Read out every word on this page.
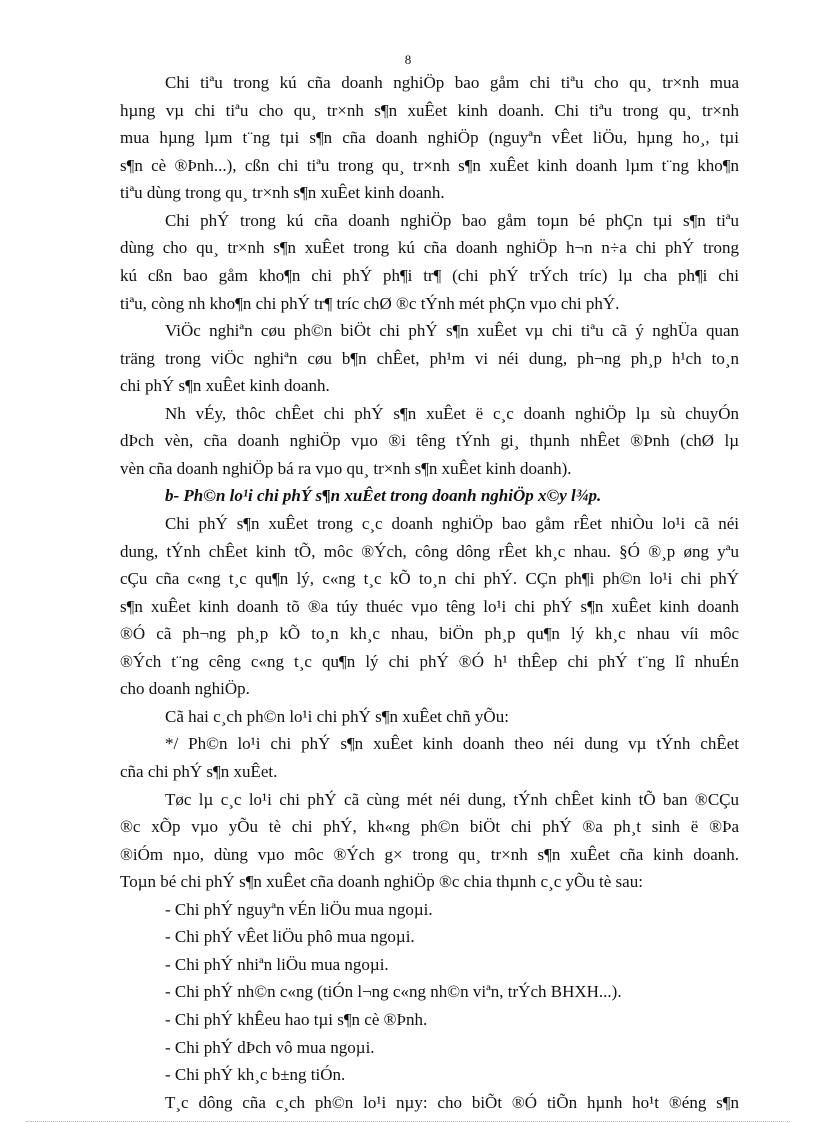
8
Chi tiªu trong kú cña doanh nghiÖp bao gåm chi tiªu cho qu¸ tr×nh mua
hµng vµ chi tiªu cho qu¸ tr×nh s¶n xuÊet kinh doanh. Chi tiªu trong qu¸ tr×nh
mua hµng lµm t¨ng tµi s¶n cña doanh nghiÖp (nguyªn vÊet liÖu, hµng ho¸, tµi
s¶n cè ®Þnh...), cßn chi tiªu trong qu¸ tr×nh s¶n xuÊet kinh doanh lµm t¨ng kho¶n
tiªu dùng trong qu¸ tr×nh s¶n xuÊet kinh doanh.
Chi phÝ trong kú cña doanh nghiÖp bao gåm toµn bé phÇn tµi s¶n tiªu
dùng cho qu¸ tr×nh s¶n xuÊet trong kú cña doanh nghiÖp h¬n n÷a chi phÝ trong
kú cßn bao gåm kho¶n chi phÝ ph¶i tr¶ (chi phÝ trÝch tríc) lµ cha ph¶i chi
tiªu, còng nh kho¶n chi phÝ tr¶ tríc chØ ®c tÝnh mét phÇn vµo chi phÝ.
ViÖc nghiªn cøu ph©n biÖt chi phÝ s¶n xuÊet vµ chi tiªu cã ý nghÜa quan
träng trong viÖc nghiªn cøu b¶n chÊet, ph¹m vi néi dung, ph¬ng ph¸p h¹ch to¸n
chi phÝ s¶n xuÊet kinh doanh.
Nh vÉy, thôc chÊet chi phÝ s¶n xuÊet ë c¸c doanh nghiÖp lµ sù chuyÓn
dÞch vèn, cña doanh nghiÖp vµo ®i têng tÝnh gi¸ thµnh nhÊet ®Þnh (chØ lµ
vèn cña doanh nghiÖp bá ra vµo qu¸ tr×nh s¶n xuÊet kinh doanh).
b- Ph©n lo¹i chi phÝ s¶n xuÊet trong doanh nghiÖp x©y l¾p.
Chi phÝ s¶n xuÊet trong c¸c doanh nghiÖp bao gåm rÊet nhiÒu lo¹i cã néi
dung, tÝnh chÊet kinh tÕ, môc ®Ých, công dông rÊet kh¸c nhau. §Ó ®¸p øng yªu
cÇu cña c«ng t¸c qu¶n lý, c«ng t¸c kÕ to¸n chi phÝ. CÇn ph¶i ph©n lo¹i chi phÝ
s¶n xuÊet kinh doanh tõ ®a túy thuéc vµo têng lo¹i chi phÝ s¶n xuÊet kinh doanh
®Ó cã ph¬ng ph¸p kÕ to¸n kh¸c nhau, biÖn ph¸p qu¶n lý kh¸c nhau víi môc
®Ých t¨ng cêng c«ng t¸c qu¶n lý chi phÝ ®Ó h¹ thÊep chi phÝ t¨ng lî nhuÉn
cho doanh nghiÖp.
Cã hai c¸ch ph©n lo¹i chi phÝ s¶n xuÊet chñ yÕu:
*/ Ph©n lo¹i chi phÝ s¶n xuÊet kinh doanh theo néi dung vµ tÝnh chÊet
cña chi phÝ s¶n xuÊet.
Tøc lµ c¸c lo¹i chi phÝ cã cùng mét néi dung, tÝnh chÊet kinh tÕ ban ®CÇu
®c xÕp vµo yÕu tè chi phÝ, kh«ng ph©n biÖt chi phÝ ®a ph¸t sinh ë ®Þa
®iÓm nµo, dùng vµo môc ®Ých g× trong qu¸ tr×nh s¶n xuÊet cña kinh doanh.
Toµn bé chi phÝ s¶n xuÊet cña doanh nghiÖp ®c chia thµnh c¸c yÕu tè sau:
- Chi phÝ nguyªn vÉn liÖu mua ngoµi.
- Chi phÝ vÊet liÖu phô mua ngoµi.
- Chi phÝ nhiªn liÖu mua ngoµi.
- Chi phÝ nh©n c«ng (tiÓn l¬ng c«ng nh©n viªn, trÝch BHXH...).
- Chi phÝ khÊeu hao tµi s¶n cè ®Þnh.
- Chi phÝ dÞch vô mua ngoµi.
- Chi phÝ kh¸c b±ng tiÓn.
T¸c dông cña c¸ch ph©n lo¹i nµy: cho biÕt ®Ó tiÕn hµnh ho¹t ®éng s¶n
